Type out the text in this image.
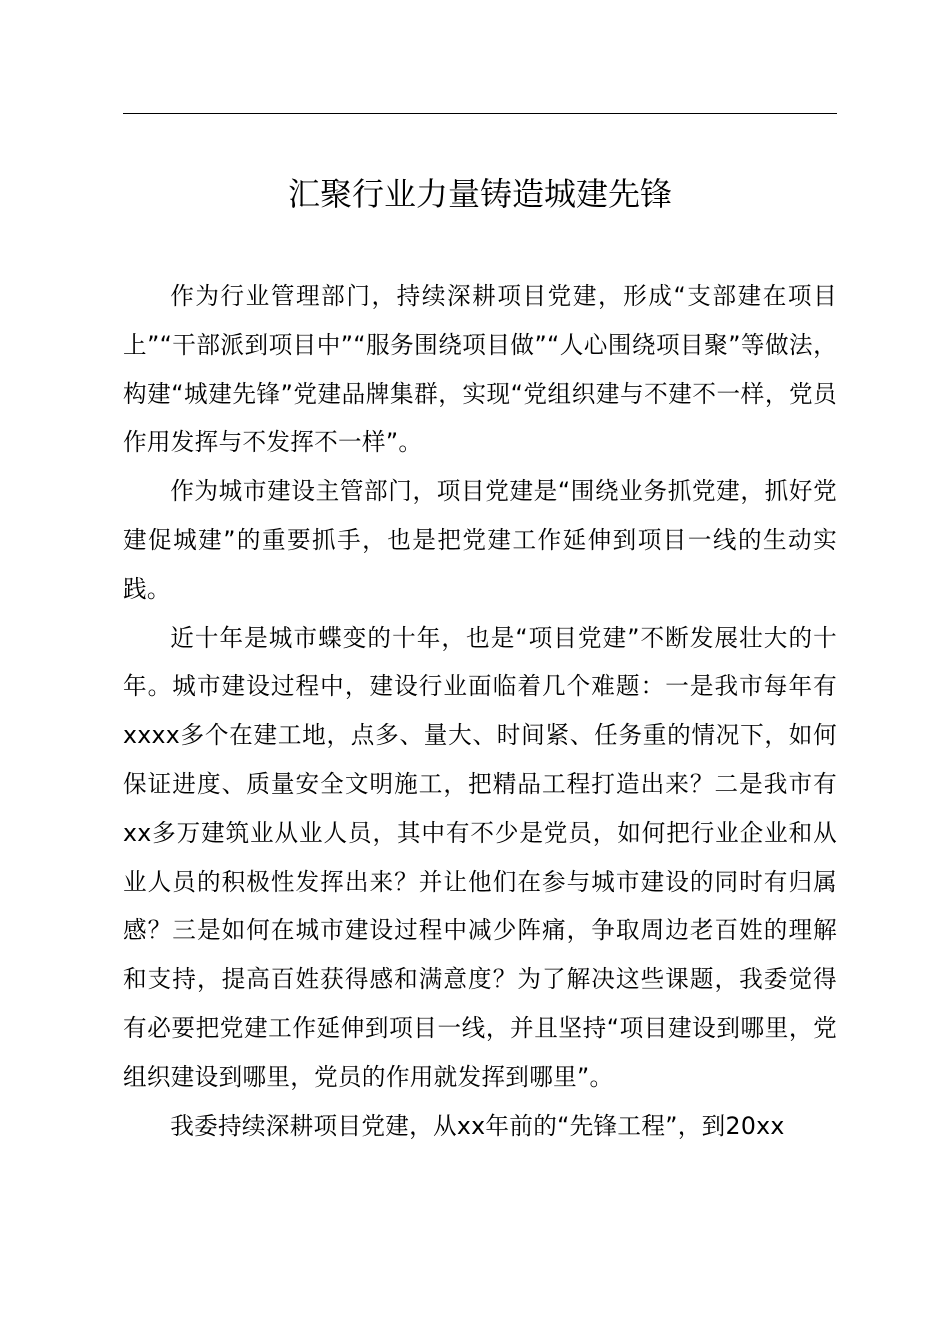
汇聚行业力量铸造城建先锋

作为行业管理部门，持续深耕项目党建，形成“支部建在项目上”“干部派到项目中”“服务围绕项目做”“人心围绕项目聚”等做法，构建“城建先锋”党建品牌集群，实现“党组织建与不建不一样，党员作用发挥与不发挥不一样”。

作为城市建设主管部门，项目党建是“围绕业务抓党建，抓好党建促城建”的重要抓手，也是把党建工作延伸到项目一线的生动实践。

近十年是城市蝶变的十年，也是“项目党建”不断发展壮大的十年。城市建设过程中，建设行业面临着几个难题：一是我市每年有xxxx多个在建工地，点多、量大、时间紧、任务重的情况下，如何保证进度、质量安全文明施工，把精品工程打造出来？二是我市有xx多万建筑业从业人员，其中有不少是党员，如何把行业企业和从业人员的积极性发挥出来？并让他们在参与城市建设的同时有归属感？三是如何在城市建设过程中减少阵痛，争取周边老百姓的理解和支持，提高百姓获得感和满意度？为了解决这些课题，我委觉得有必要把党建工作延伸到项目一线，并且坚持“项目建设到哪里，党组织建设到哪里，党员的作用就发挥到哪里”。

我委持续深耕项目党建，从xx年前的“先锋工程”，到20xx
